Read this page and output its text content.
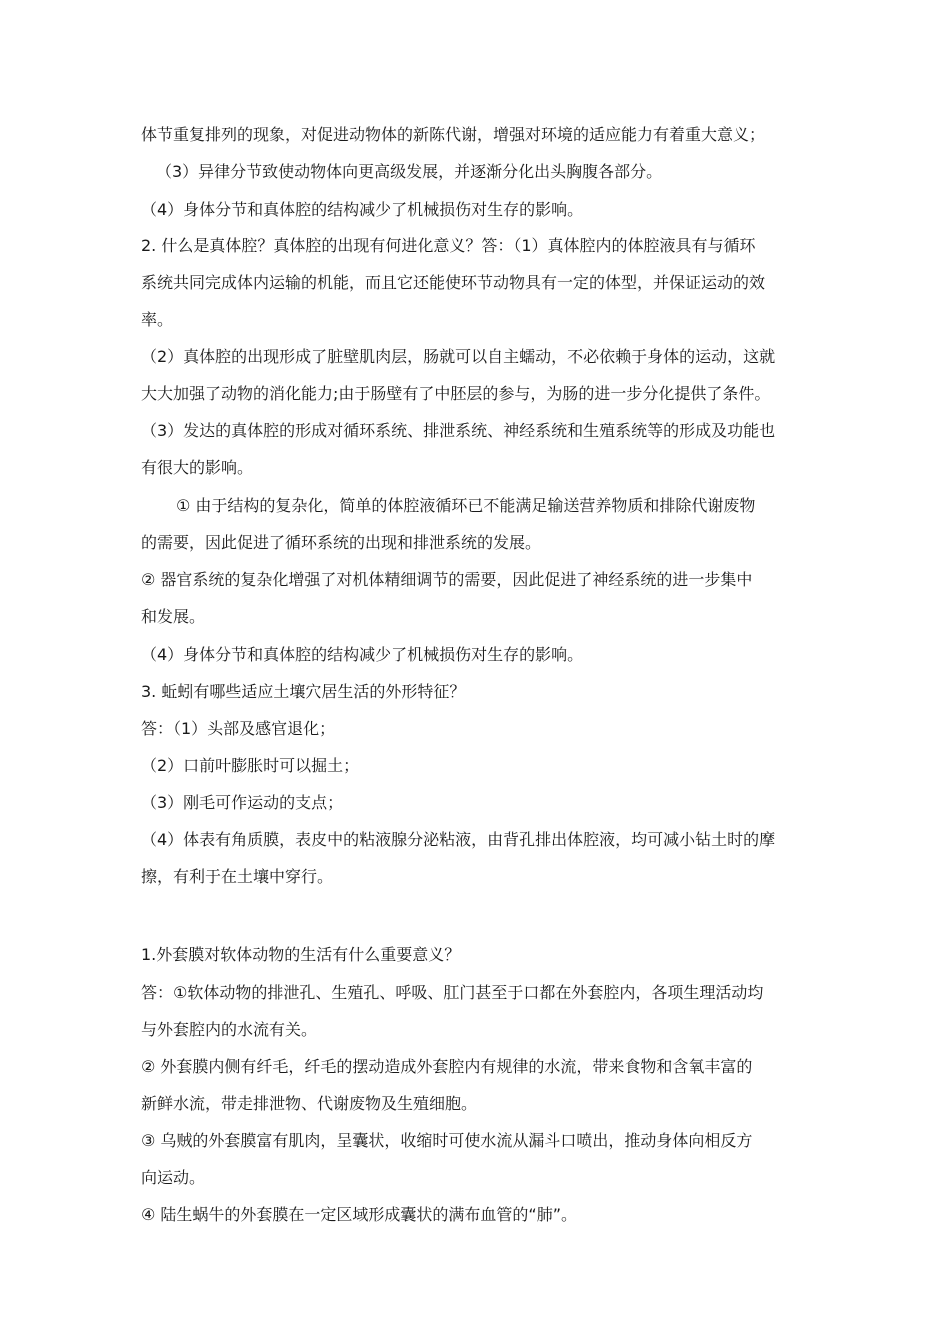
体节重复排列的现象，对促进动物体的新陈代谢，增强对环境的适应能力有着重大意义；
（3）异律分节致使动物体向更高级发展，并逐渐分化出头胸腹各部分。
（4）身体分节和真体腔的结构减少了机械损伤对生存的影响。
2. 什么是真体腔？真体腔的出现有何进化意义？答：（1）真体腔内的体腔液具有与循环
系统共同完成体内运输的机能，而且它还能使环节动物具有一定的体型，并保证运动的效
率。
（2）真体腔的出现形成了脏壁肌肉层，肠就可以自主蠕动，不必依赖于身体的运动，这就
大大加强了动物的消化能力;由于肠壁有了中胚层的参与，为肠的进一步分化提供了条件。
（3）发达的真体腔的形成对循环系统、排泄系统、神经系统和生殖系统等的形成及功能也
有很大的影响。
① 由于结构的复杂化，简单的体腔液循环已不能满足输送营养物质和排除代谢废物
的需要，因此促进了循环系统的出现和排泄系统的发展。
② 器官系统的复杂化增强了对机体精细调节的需要，因此促进了神经系统的进一步集中
和发展。
（4）身体分节和真体腔的结构减少了机械损伤对生存的影响。
3. 蚯蚓有哪些适应土壤穴居生活的外形特征？
答：（1）头部及感官退化；
（2）口前叶膨胀时可以掘土；
（3）刚毛可作运动的支点；
（4）体表有角质膜，表皮中的粘液腺分泌粘液，由背孔排出体腔液，均可减小钻土时的摩
擦，有利于在土壤中穿行。
1.外套膜对软体动物的生活有什么重要意义？
答：①软体动物的排泄孔、生殖孔、呼吸、肛门甚至于口都在外套腔内，各项生理活动均
与外套腔内的水流有关。
② 外套膜内侧有纤毛，纤毛的摆动造成外套腔内有规律的水流，带来食物和含氧丰富的
新鲜水流，带走排泄物、代谢废物及生殖细胞。
③ 乌贼的外套膜富有肌肉，呈囊状，收缩时可使水流从漏斗口喷出，推动身体向相反方
向运动。
④ 陆生蜗牛的外套膜在一定区域形成囊状的满布血管的“肺”。
